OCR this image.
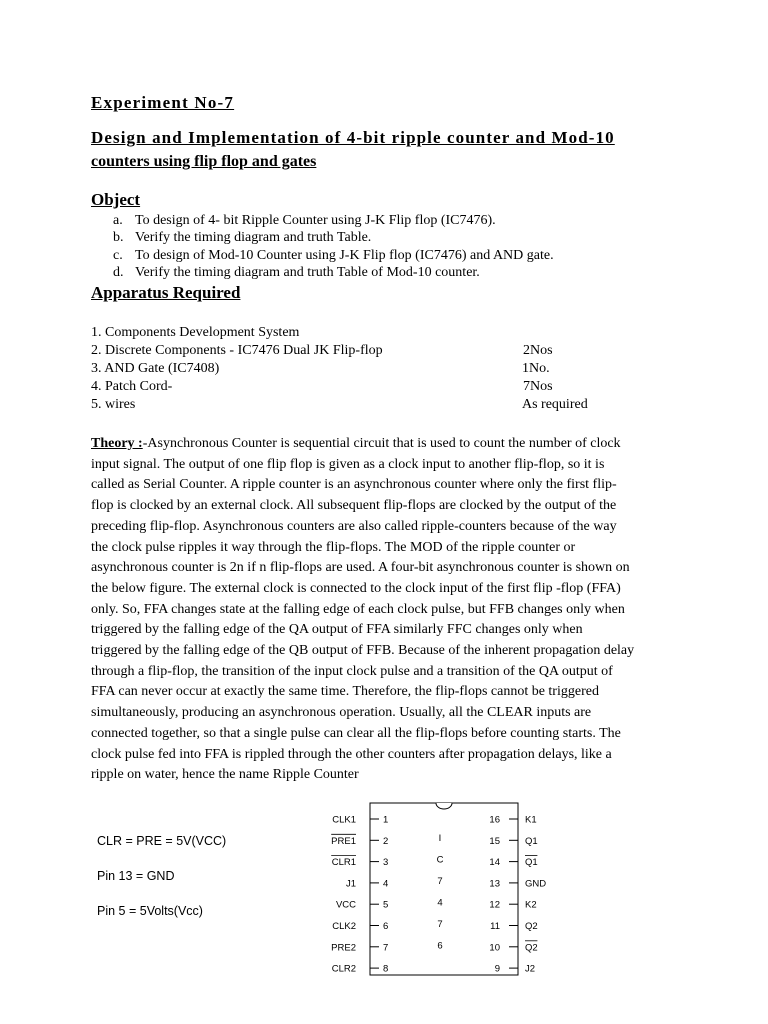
Experiment No-7
Design and Implementation of 4-bit ripple counter and Mod-10
counters using flip flop and gates
Object
a. To design of 4- bit Ripple Counter using J-K Flip flop (IC7476).
b. Verify the timing diagram and truth Table.
c. To design of Mod-10 Counter using J-K Flip flop (IC7476) and AND gate.
d. Verify the timing diagram and truth Table of Mod-10 counter.
Apparatus Required
1. Components Development System
2. Discrete Components - IC7476 Dual JK Flip-flop	2Nos
3. AND Gate (IC7408)	1No.
4. Patch Cord-	7Nos
5. wires	As required
Theory :-Asynchronous Counter is sequential circuit that is used to count the number of clock
input signal. The output of one flip flop is given as a clock input to another flip-flop, so it is
called as Serial Counter. A ripple counter is an asynchronous counter where only the first flip-
flop is clocked by an external clock. All subsequent flip-flops are clocked by the output of the
preceding flip-flop. Asynchronous counters are also called ripple-counters because of the way
the clock pulse ripples it way through the flip-flops. The MOD of the ripple counter or
asynchronous counter is 2n if n flip-flops are used. A four-bit asynchronous counter is shown on
the below figure. The external clock is connected to the clock input of the first flip -flop (FFA)
only. So, FFA changes state at the falling edge of each clock pulse, but FFB changes only when
triggered by the falling edge of the QA output of FFA similarly FFC changes only when
triggered by the falling edge of the QB output of FFB. Because of the inherent propagation delay
through a flip-flop, the transition of the input clock pulse and a transition of the QA output of
FFA can never occur at exactly the same time. Therefore, the flip-flops cannot be triggered
simultaneously, producing an asynchronous operation. Usually, all the CLEAR inputs are
connected together, so that a single pulse can clear all the flip-flops before counting starts. The
clock pulse fed into FFA is rippled through the other counters after propagation delays, like a
ripple on water, hence the name Ripple Counter
CLR = PRE = 5V(VCC)
Pin 13 = GND
Pin 5 = 5Volts(Vcc)
1
CLK1
2
PRE1
3
CLR1
4
J1
5
VCC
6
CLK2
7
PRE2
8
CLR2
16	K1
15	Q1
14	Q1
13	GND
12	K2
11	Q2
10	Q2
9	J2
I
C
7
4
7
6
